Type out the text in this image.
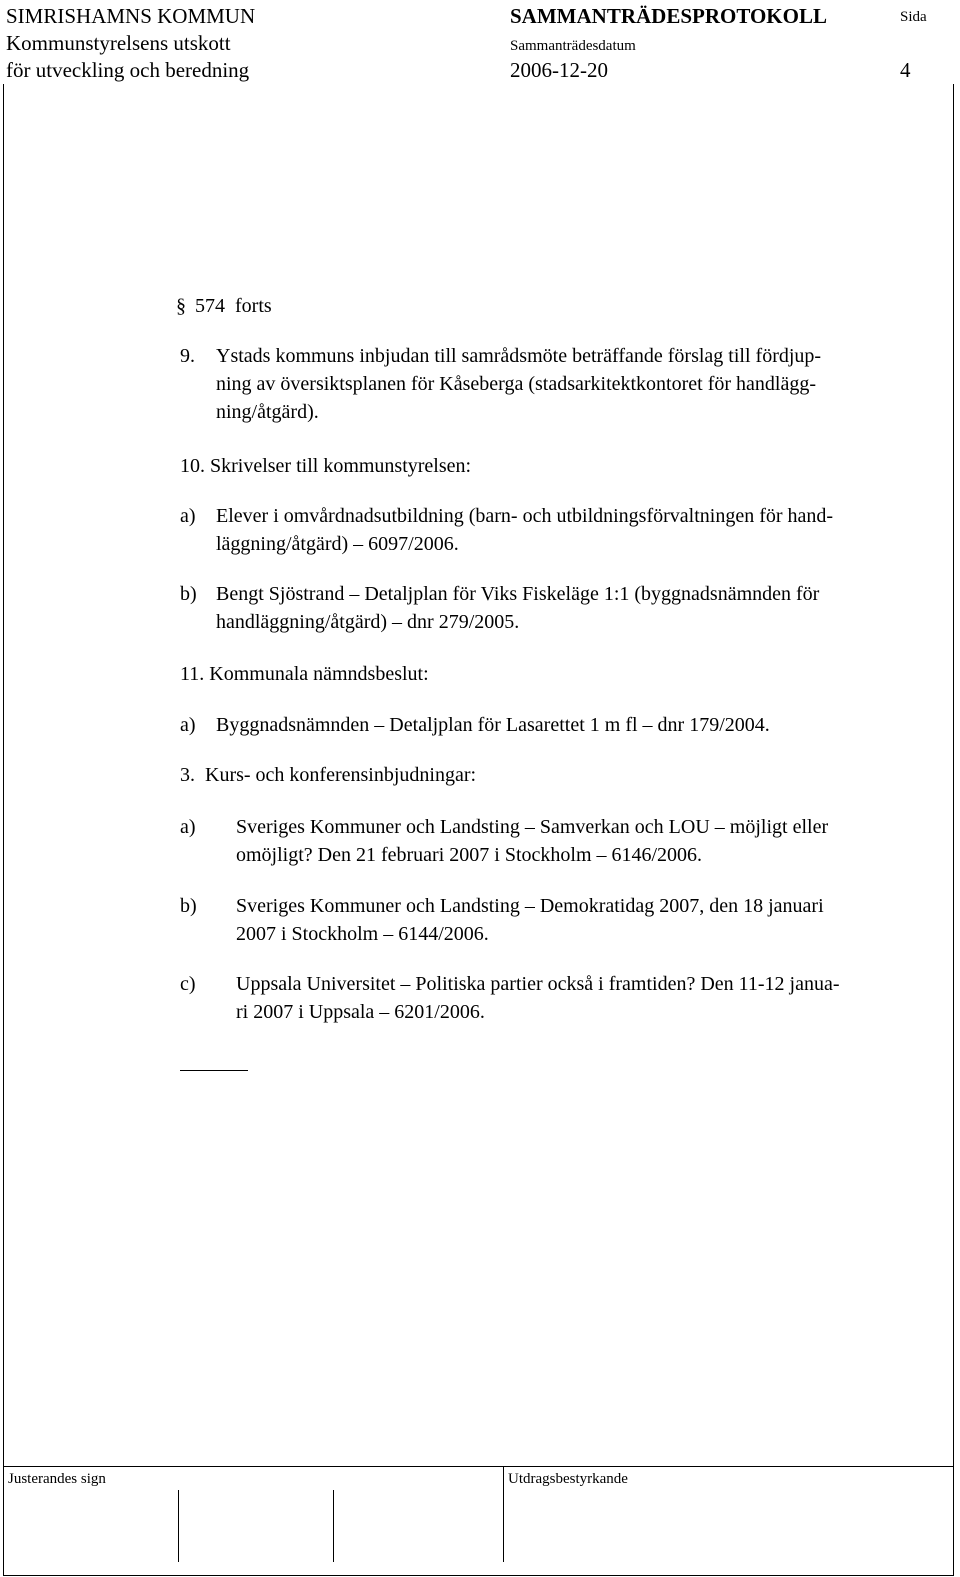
SIMRISHAMNS KOMMUN
Kommunstyrelsens utskott
för utveckling och beredning
SAMMANTRÄDESPROTOKOLL
Sammanträdesdatum
2006-12-20
Sida
4
§ 574  forts
9. Ystads kommuns inbjudan till samrådsmöte beträffande förslag till fördjup-
ning av översiktsplanen för Kåseberga (stadsarkitektkontoret för handlägg-
ning/åtgärd).
10. Skrivelser till kommunstyrelsen:
a) Elever i omvårdnadsutbildning (barn- och utbildningsförvaltningen för hand-
läggning/åtgärd) – 6097/2006.
b) Bengt Sjöstrand – Detaljplan för Viks Fiskeläge 1:1 (byggnadsnämnden för
handläggning/åtgärd) – dnr 279/2005.
11. Kommunala nämndsbeslut:
a) Byggnadsnämnden – Detaljplan för Lasarettet 1 m fl – dnr 179/2004.
3.  Kurs- och konferensinbjudningar:
a) Sveriges Kommuner och Landsting – Samverkan och LOU – möjligt eller
omöjligt? Den 21 februari 2007 i Stockholm – 6146/2006.
b) Sveriges Kommuner och Landsting – Demokratidag 2007, den 18 januari
2007 i Stockholm – 6144/2006.
c) Uppsala Universitet – Politiska partier också i framtiden? Den 11-12 janua-
ri 2007 i Uppsala – 6201/2006.
Justerandes sign	Utdragsbestyrkande
